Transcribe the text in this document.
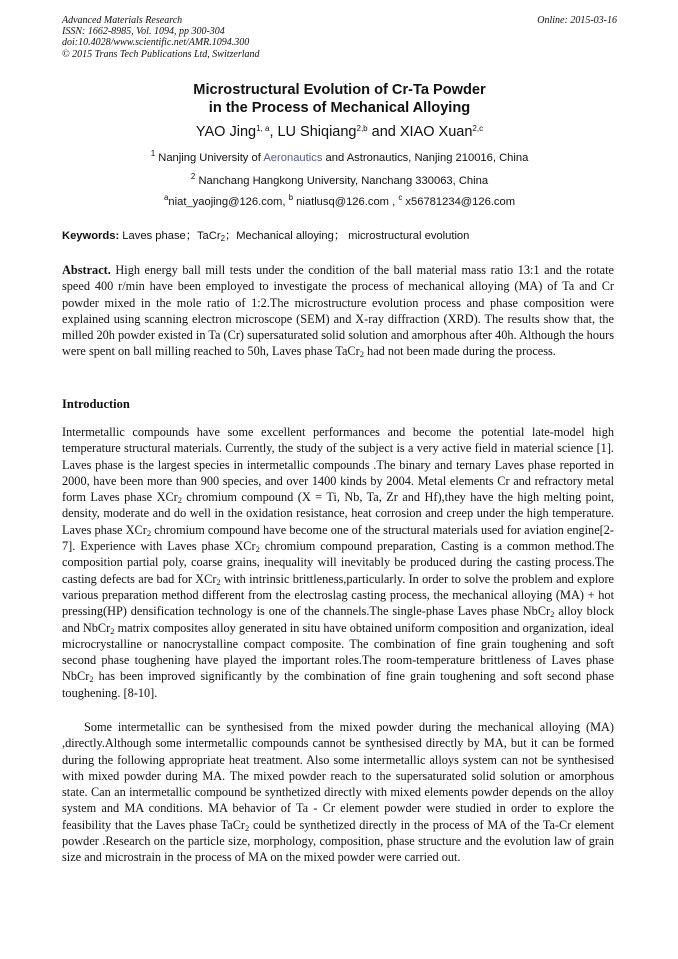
Advanced Materials Research
ISSN: 1662-8985, Vol. 1094, pp 300-304
doi:10.4028/www.scientific.net/AMR.1094.300
© 2015 Trans Tech Publications Ltd, Switzerland
Online: 2015-03-16
Microstructural Evolution of Cr-Ta Powder
in the Process of Mechanical Alloying
YAO Jing$^{1, a}$, LU Shiqiang$^{2,b}$ and XIAO Xuan$^{2,c}$
$^1$ Nanjing University of Aeronautics and Astronautics, Nanjing 210016, China
$^2$ Nanchang Hangkong University, Nanchang 330063, China
$^a$niat_yaojing@126.com, $^b$ niatlusq@126.com , $^c$ x56781234@126.com
Keywords: Laves phase；TaCr$_2$；Mechanical alloying； microstructural evolution
Abstract. High energy ball mill tests under the condition of the ball material mass ratio 13:1 and the rotate speed 400 r/min have been employed to investigate the process of mechanical alloying (MA) of Ta and Cr powder mixed in the mole ratio of 1:2.The microstructure evolution process and phase composition were explained using scanning electron microscope (SEM) and X-ray diffraction (XRD). The results show that, the milled 20h powder existed in Ta (Cr) supersaturated solid solution and amorphous after 40h. Although the hours were spent on ball milling reached to 50h, Laves phase TaCr$_2$ had not been made during the process.
Introduction
Intermetallic compounds have some excellent performances and become the potential late-model high temperature structural materials. Currently, the study of the subject is a very active field in material science [1]. Laves phase is the largest species in intermetallic compounds .The binary and ternary Laves phase reported in 2000, have been more than 900 species, and over 1400 kinds by 2004. Metal elements Cr and refractory metal form Laves phase XCr$_2$ chromium compound (X = Ti, Nb, Ta, Zr and Hf),they have the high melting point, density, moderate and do well in the oxidation resistance, heat corrosion and creep under the high temperature. Laves phase XCr$_2$ chromium compound have become one of the structural materials used for aviation engine[2-7]. Experience with Laves phase XCr$_2$ chromium compound preparation, Casting is a common method.The composition partial poly, coarse grains, inequality will inevitably be produced during the casting process.The casting defects are bad for XCr$_2$ with intrinsic brittleness,particularly. In order to solve the problem and explore various preparation method different from the electroslag casting process, the mechanical alloying (MA) + hot pressing(HP) densification technology is one of the channels.The single-phase Laves phase NbCr$_2$ alloy block and NbCr$_2$ matrix composites alloy generated in situ have obtained uniform composition and organization, ideal microcrystalline or nanocrystalline compact composite. The combination of fine grain toughening and soft second phase toughening have played the important roles.The room-temperature brittleness of Laves phase NbCr$_2$ has been improved significantly by the combination of fine grain toughening and soft second phase toughening. [8-10].
Some intermetallic can be synthesised from the mixed powder during the mechanical alloying (MA) ,directly.Although some intermetallic compounds cannot be synthesised directly by MA, but it can be formed during the following appropriate heat treatment. Also some intermetallic alloys system can not be synthesised with mixed powder during MA. The mixed powder reach to the supersaturated solid solution or amorphous state. Can an intermetallic compound be synthetized directly with mixed elements powder depends on the alloy system and MA conditions. MA behavior of Ta - Cr element powder were studied in order to explore the feasibility that the Laves phase TaCr$_2$ could be synthetized directly in the process of MA of the Ta-Cr element powder .Research on the particle size, morphology, composition, phase structure and the evolution law of grain size and microstrain in the process of MA on the mixed powder were carried out.
